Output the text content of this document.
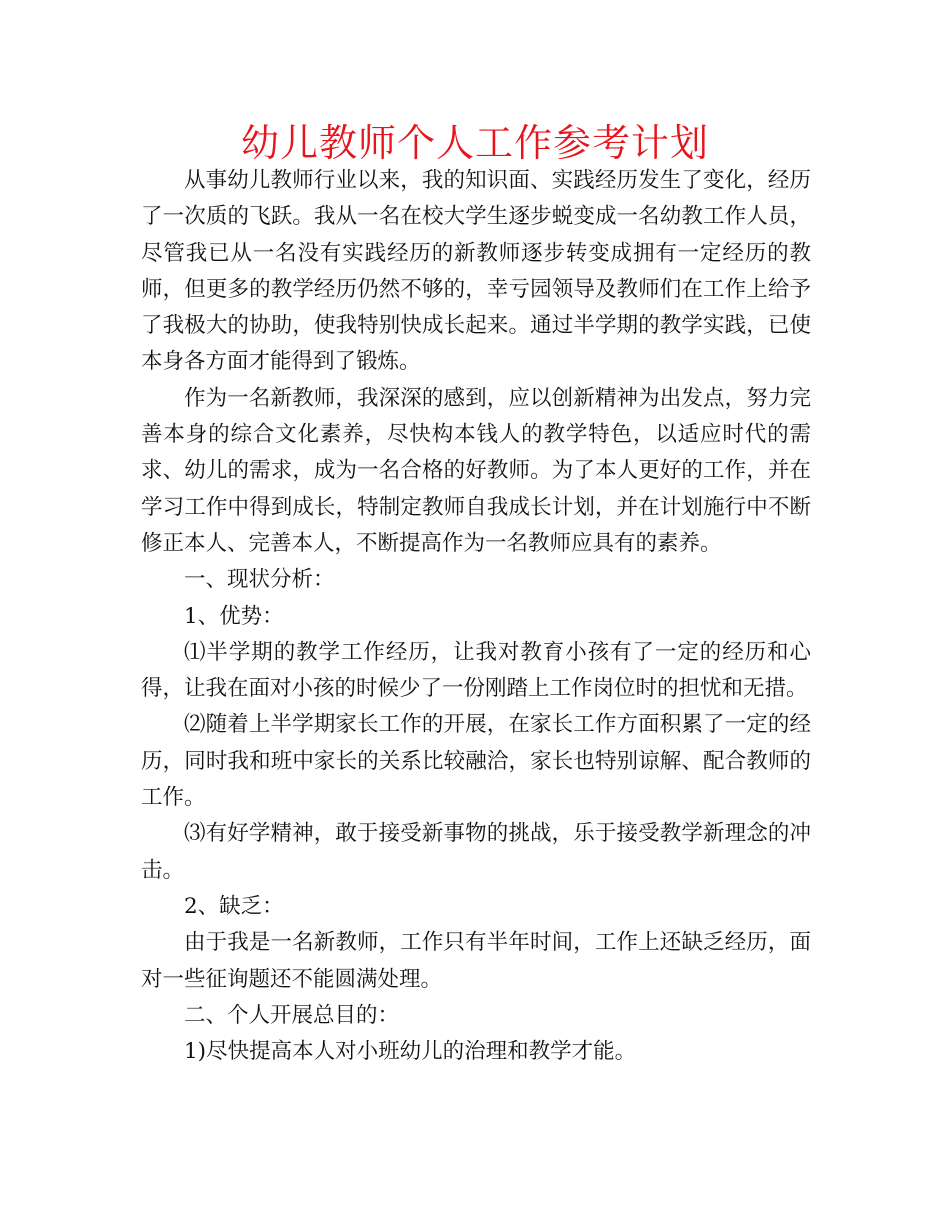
幼儿教师个人工作参考计划

从事幼儿教师行业以来，我的知识面、实践经历发生了变化，经历了一次质的飞跃。我从一名在校大学生逐步蜕变成一名幼教工作人员，尽管我已从一名没有实践经历的新教师逐步转变成拥有一定经历的教师，但更多的教学经历仍然不够的，幸亏园领导及教师们在工作上给予了我极大的协助，使我特别快成长起来。通过半学期的教学实践，已使本身各方面才能得到了锻炼。

作为一名新教师，我深深的感到，应以创新精神为出发点，努力完善本身的综合文化素养，尽快构本钱人的教学特色，以适应时代的需求、幼儿的需求，成为一名合格的好教师。为了本人更好的工作，并在学习工作中得到成长，特制定教师自我成长计划，并在计划施行中不断修正本人、完善本人，不断提高作为一名教师应具有的素养。

一、现状分析：

1、优势：

⑴半学期的教学工作经历，让我对教育小孩有了一定的经历和心得，让我在面对小孩的时候少了一份刚踏上工作岗位时的担忧和无措。

⑵随着上半学期家长工作的开展，在家长工作方面积累了一定的经历，同时我和班中家长的关系比较融洽，家长也特别谅解、配合教师的工作。

⑶有好学精神，敢于接受新事物的挑战，乐于接受教学新理念的冲击。

2、缺乏：

由于我是一名新教师，工作只有半年时间，工作上还缺乏经历，面对一些征询题还不能圆满处理。

二、个人开展总目的：

1)尽快提高本人对小班幼儿的治理和教学才能。
